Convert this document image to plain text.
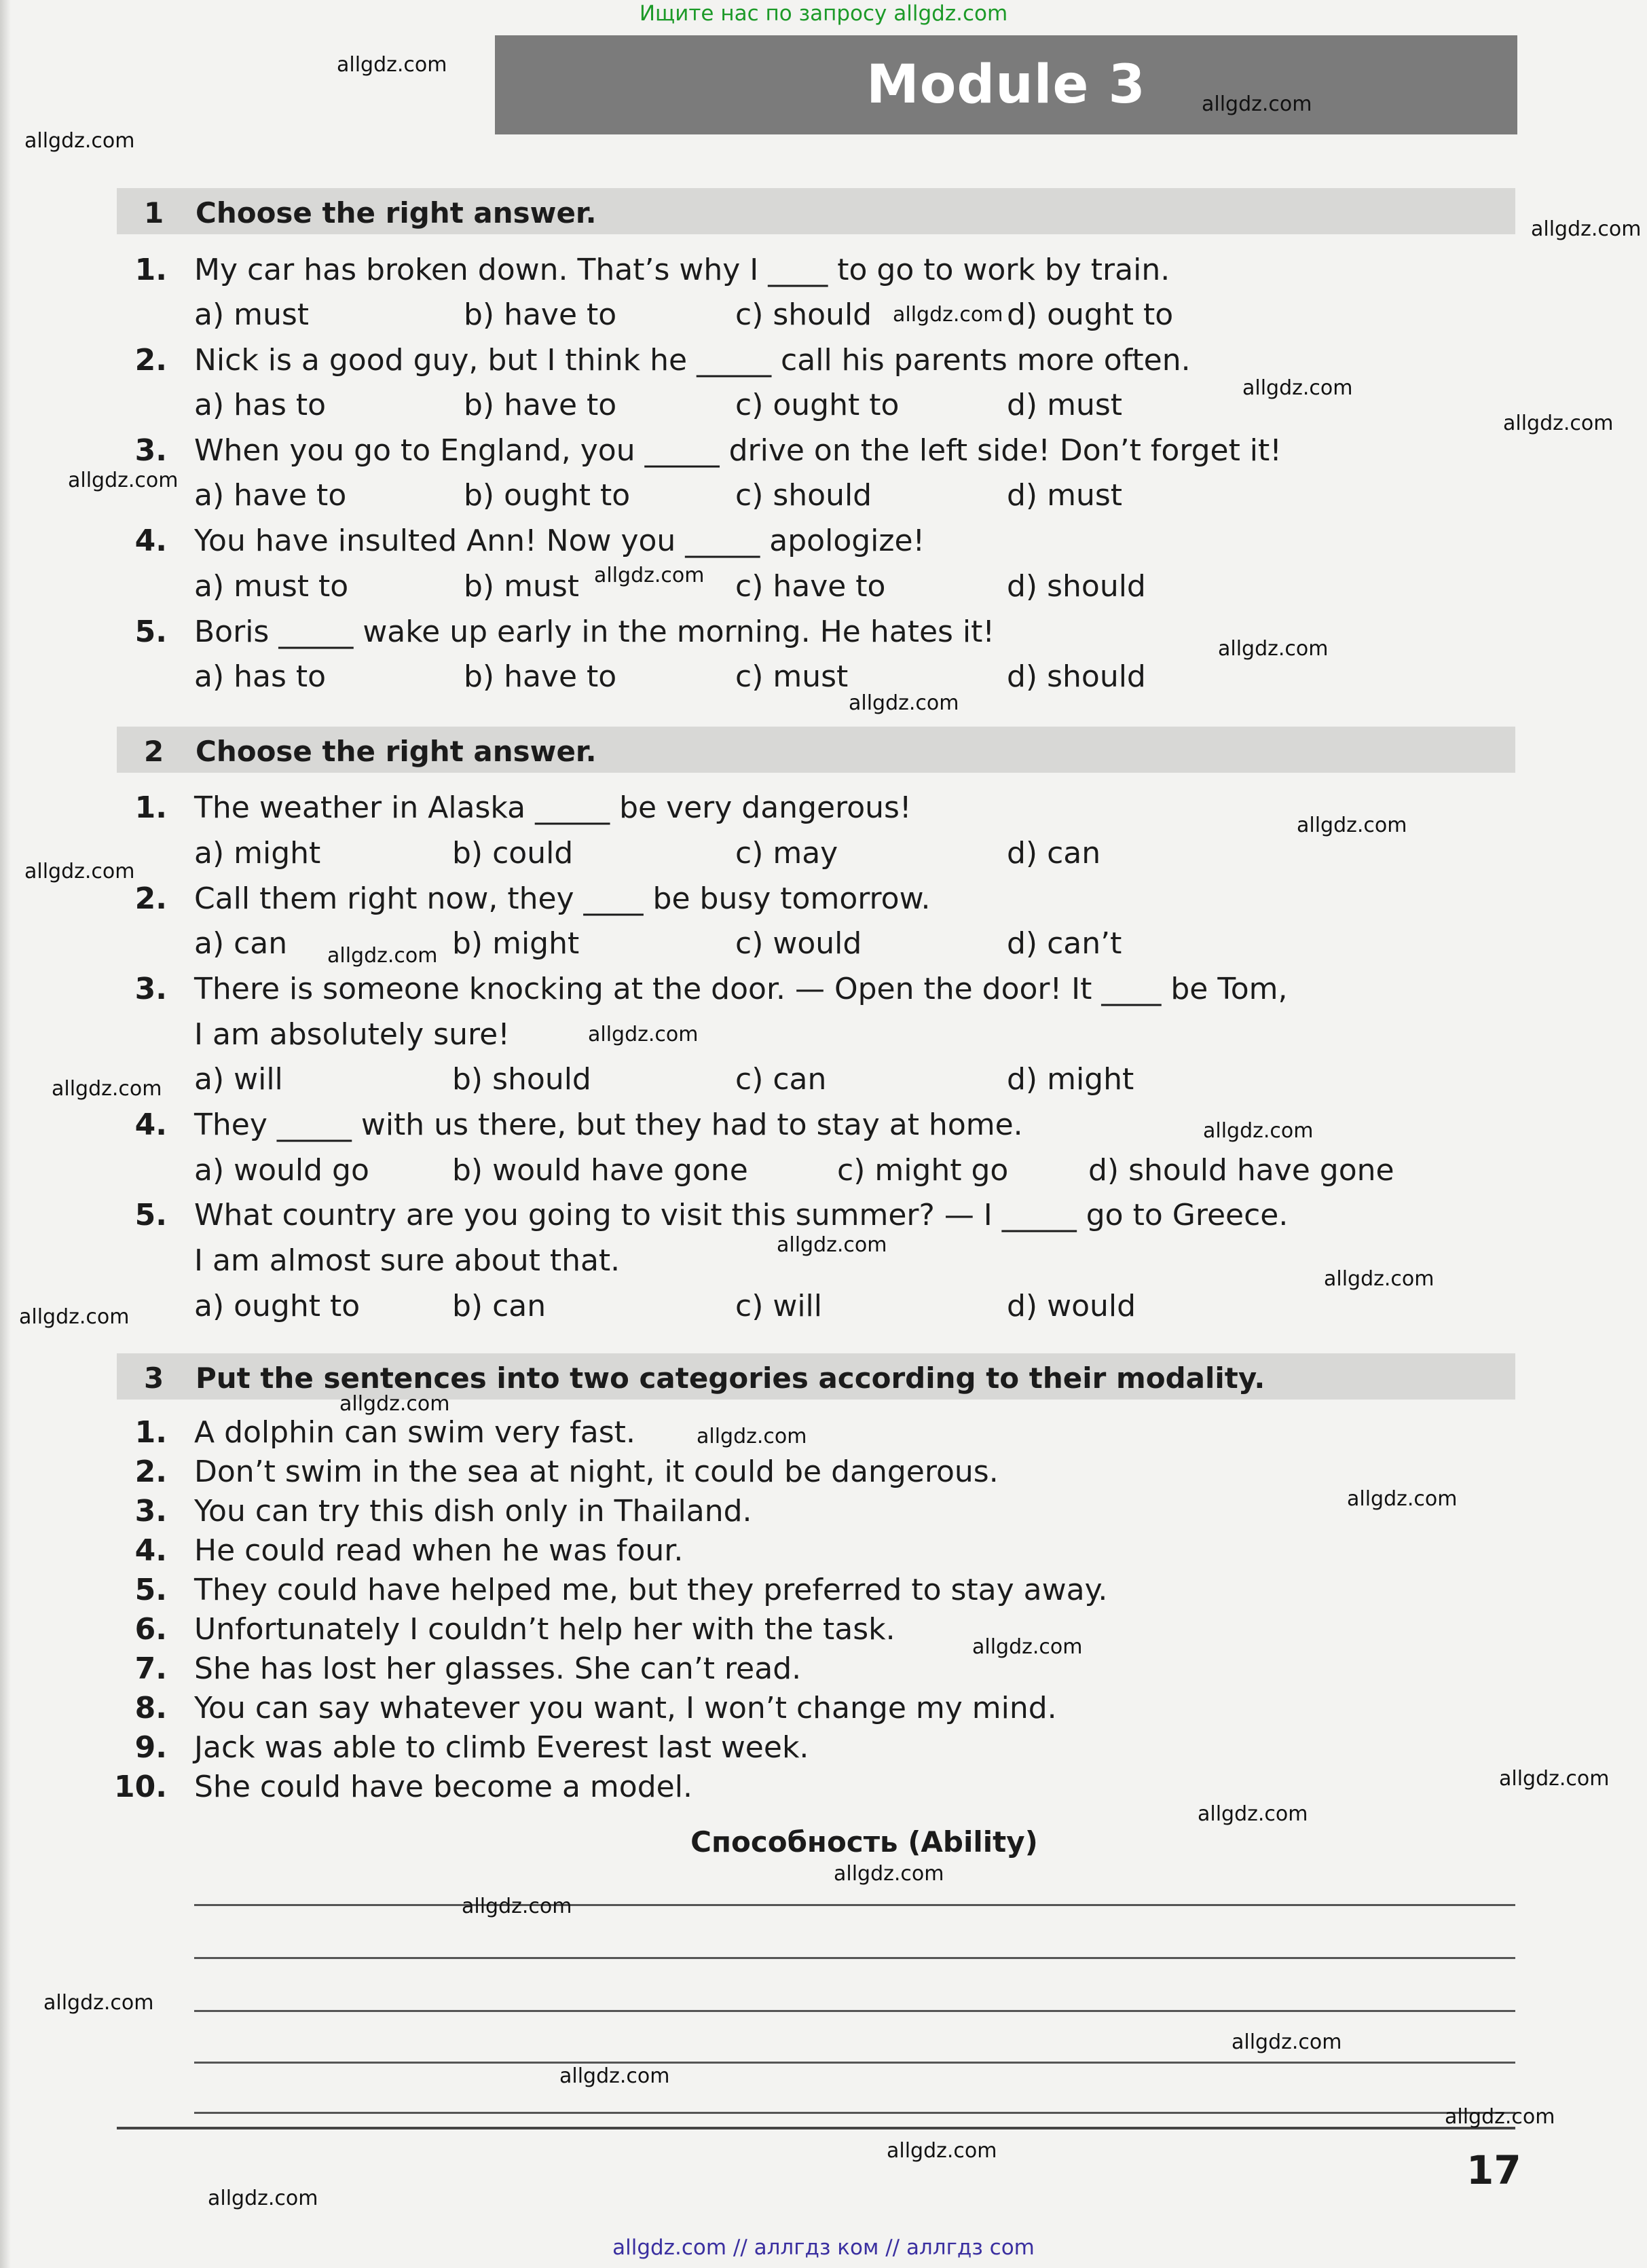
Ищите нас по запросу allgdz.com
Module 3
1 Choose the right answer.
1. My car has broken down. That’s why I ____ to go to work by train.
a) must	b) have to	c) should	d) ought to
2. Nick is a good guy, but I think he _____ call his parents more often.
a) has to	b) have to	c) ought to	d) must
3. When you go to England, you _____ drive on the left side! Don’t forget it!
a) have to	b) ought to	c) should	d) must
4. You have insulted Ann! Now you _____ apologize!
a) must to	b) must	c) have to	d) should
5. Boris _____ wake up early in the morning. He hates it!
a) has to	b) have to	c) must	d) should
2 Choose the right answer.
1. The weather in Alaska _____ be very dangerous!
a) might	b) could	c) may	d) can
2. Call them right now, they ____ be busy tomorrow.
a) can	b) might	c) would	d) can’t
3. There is someone knocking at the door. — Open the door! It ____ be Tom,
I am absolutely sure!
a) will	b) should	c) can	d) might
4. They _____ with us there, but they had to stay at home.
a) would go	b) would have gone	c) might go	d) should have gone
5. What country are you going to visit this summer? — I _____ go to Greece.
I am almost sure about that.
a) ought to	b) can	c) will	d) would
3 Put the sentences into two categories according to their modality.
1. A dolphin can swim very fast.
2. Don’t swim in the sea at night, it could be dangerous.
3. You can try this dish only in Thailand.
4. He could read when he was four.
5. They could have helped me, but they preferred to stay away.
6. Unfortunately I couldn’t help her with the task.
7. She has lost her glasses. She can’t read.
8. You can say whatever you want, I won’t change my mind.
9. Jack was able to climb Everest last week.
10. She could have become a model.
Способность (Ability)
17
allgdz.com
allgdz.com
allgdz.com
allgdz.com
allgdz.com
allgdz.com
allgdz.com
allgdz.com
allgdz.com
allgdz.com
allgdz.com
allgdz.com
allgdz.com
allgdz.com
allgdz.com
allgdz.com
allgdz.com
allgdz.com
allgdz.com
allgdz.com
allgdz.com
allgdz.com
allgdz.com
allgdz.com
allgdz.com
allgdz.com
allgdz.com
allgdz.com
allgdz.com
allgdz.com
allgdz.com
allgdz.com
allgdz.com
allgdz.com
allgdz.com // аллгдз ком // аллгдз com
